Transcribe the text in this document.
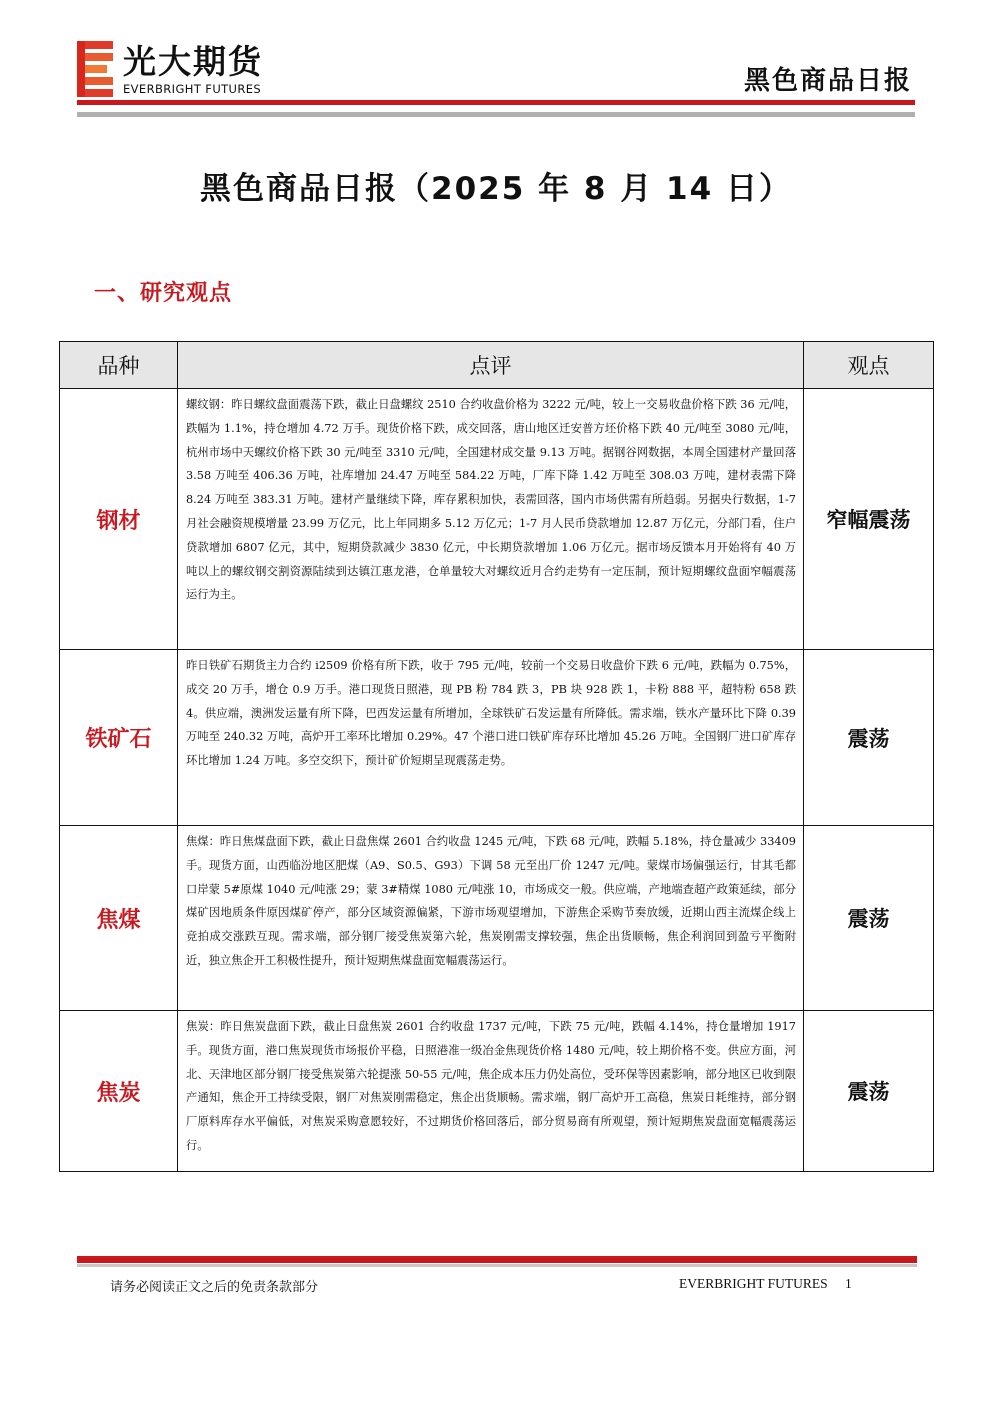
光大期货
EVERBRIGHT FUTURES	黑色商品日报
黑色商品日报（2025 年 8 月 14 日）
一、研究观点
品种	点评	观点
钢材	螺纹钢：昨日螺纹盘面震荡下跌，截止日盘螺纹 2510 合约收盘价格为 3222 元/吨，较上一交易收盘价格下跌 36 元/吨，跌幅为 1.1%，持仓增加 4.72 万手。现货价格下跌，成交回落，唐山地区迁安普方坯价格下跌 40 元/吨至 3080 元/吨，杭州市场中天螺纹价格下跌 30 元/吨至 3310 元/吨，全国建材成交量 9.13 万吨。据钢谷网数据，本周全国建材产量回落 3.58 万吨至 406.36 万吨，社库增加 24.47 万吨至 584.22 万吨，厂库下降 1.42 万吨至 308.03 万吨，建材表需下降 8.24 万吨至 383.31 万吨。建材产量继续下降，库存累积加快，表需回落，国内市场供需有所趋弱。另据央行数据，1-7 月社会融资规模增量 23.99 万亿元，比上年同期多 5.12 万亿元；1-7 月人民币贷款增加 12.87 万亿元，分部门看，住户贷款增加 6807 亿元，其中，短期贷款减少 3830 亿元，中长期贷款增加 1.06 万亿元。据市场反馈本月开始将有 40 万吨以上的螺纹钢交割资源陆续到达镇江惠龙港，仓单量较大对螺纹近月合约走势有一定压制，预计短期螺纹盘面窄幅震荡运行为主。	窄幅震荡
铁矿石	昨日铁矿石期货主力合约 i2509 价格有所下跌，收于 795 元/吨，较前一个交易日收盘价下跌 6 元/吨，跌幅为 0.75%，成交 20 万手，增仓 0.9 万手。港口现货日照港，现 PB 粉 784 跌 3，PB 块 928 跌 1，卡粉 888 平，超特粉 658 跌 4。供应端，澳洲发运量有所下降，巴西发运量有所增加，全球铁矿石发运量有所降低。需求端，铁水产量环比下降 0.39 万吨至 240.32 万吨，高炉开工率环比增加 0.29%。47 个港口进口铁矿库存环比增加 45.26 万吨。全国钢厂进口矿库存环比增加 1.24 万吨。多空交织下，预计矿价短期呈现震荡走势。	震荡
焦煤	焦煤：昨日焦煤盘面下跌，截止日盘焦煤 2601 合约收盘 1245 元/吨，下跌 68 元/吨，跌幅 5.18%，持仓量减少 33409 手。现货方面，山西临汾地区肥煤（A9、S0.5、G93）下调 58 元至出厂价 1247 元/吨。蒙煤市场偏强运行，甘其毛都口岸蒙 5#原煤 1040 元/吨涨 29；蒙 3#精煤 1080 元/吨涨 10，市场成交一般。供应端，产地端查超产政策延续，部分煤矿因地质条件原因煤矿停产，部分区域资源偏紧，下游市场观望增加，下游焦企采购节奏放缓，近期山西主流煤企线上竞拍成交涨跌互现。需求端，部分钢厂接受焦炭第六轮，焦炭刚需支撑较强，焦企出货顺畅，焦企利润回到盈亏平衡附近，独立焦企开工积极性提升，预计短期焦煤盘面宽幅震荡运行。	震荡
焦炭	焦炭：昨日焦炭盘面下跌，截止日盘焦炭 2601 合约收盘 1737 元/吨，下跌 75 元/吨，跌幅 4.14%，持仓量增加 1917 手。现货方面，港口焦炭现货市场报价平稳，日照港准一级冶金焦现货价格 1480 元/吨，较上期价格不变。供应方面，河北、天津地区部分钢厂接受焦炭第六轮提涨 50-55 元/吨，焦企成本压力仍处高位，受环保等因素影响，部分地区已收到限产通知，焦企开工持续受限，钢厂对焦炭刚需稳定，焦企出货顺畅。需求端，钢厂高炉开工高稳，焦炭日耗维持，部分钢厂原料库存水平偏低，对焦炭采购意愿较好，不过期货价格回落后，部分贸易商有所观望，预计短期焦炭盘面宽幅震荡运行。	震荡
请务必阅读正文之后的免责条款部分	EVERBRIGHT FUTURES 1
